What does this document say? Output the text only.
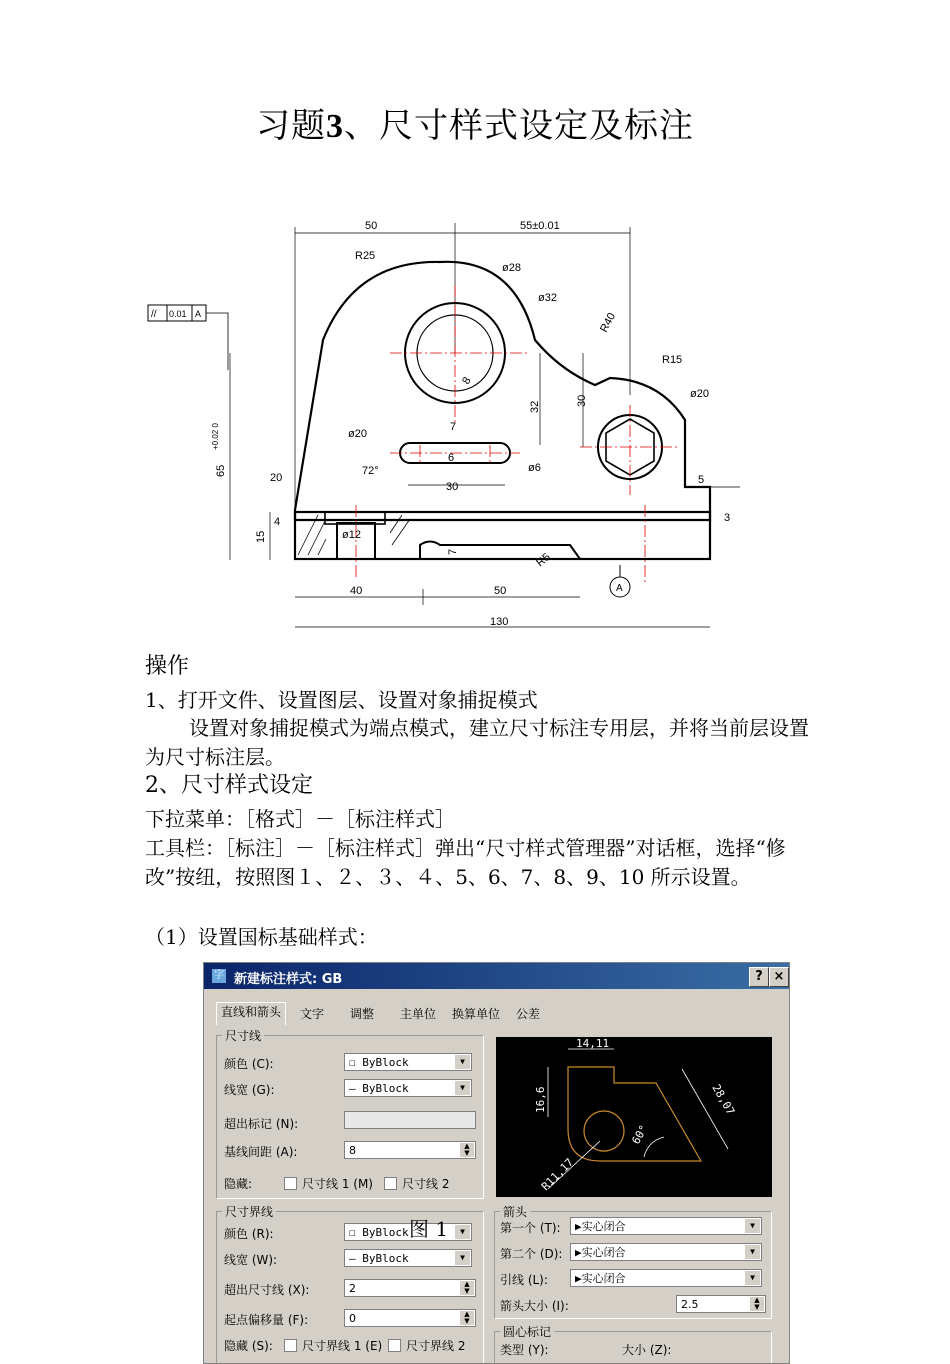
习题3、尺寸样式设定及标注
50	55±0.01
R25
ø28
ø32
R40
R15
ø20
32	30
7
8
ø20
72°
20
30
ø6
6
5
3
4
15	ø12
7	R5
40	50
130
65
+0.02 0
A
// 0.01 A
操作
1、打开文件、设置图层、设置对象捕捉模式
设置对象捕捉模式为端点模式，建立尺寸标注专用层，并将当前层设置为尺寸标注层。
2、尺寸样式设定
下拉菜单：［格式］－［标注样式］
工具栏：［标注］－［标注样式］弹出“尺寸样式管理器”对话框，选择“修改”按纽，按照图１、２、３、４、5、6、7、8、9、10 所示设置。
（1）设置国标基础样式：
字 新建标注样式: GB	? ×
直线和箭头	文字	调整	主单位	换算单位	公差
尺寸线
颜色 (C):	☐ ByBlock	▼
线宽 (G):	— ByBlock	▼
超出标记 (N):
基线间距 (A):	8	▲
▼
隐藏:	尺寸线 1 (M) 尺寸线 2
尺寸界线
颜色 (R):	☐ ByBlock	▼
线宽 (W):	— ByBlock	▼
超出尺寸线 (X):	2	▲
▼
起点偏移量 (F):	0	▲
▼
隐藏 (S): 尺寸界线 1 (E) 尺寸界线 2
14,11
16,6	28,07
60°
R11,17
箭头
第一个 (T):	▶实心闭合	▼
第二个 (D):	▶实心闭合	▼
引线 (L):	▶实心闭合	▼
箭头大小 (I):	2.5	▲
▼
圆心标记
类型 (Y):	大小 (Z):
图 1
